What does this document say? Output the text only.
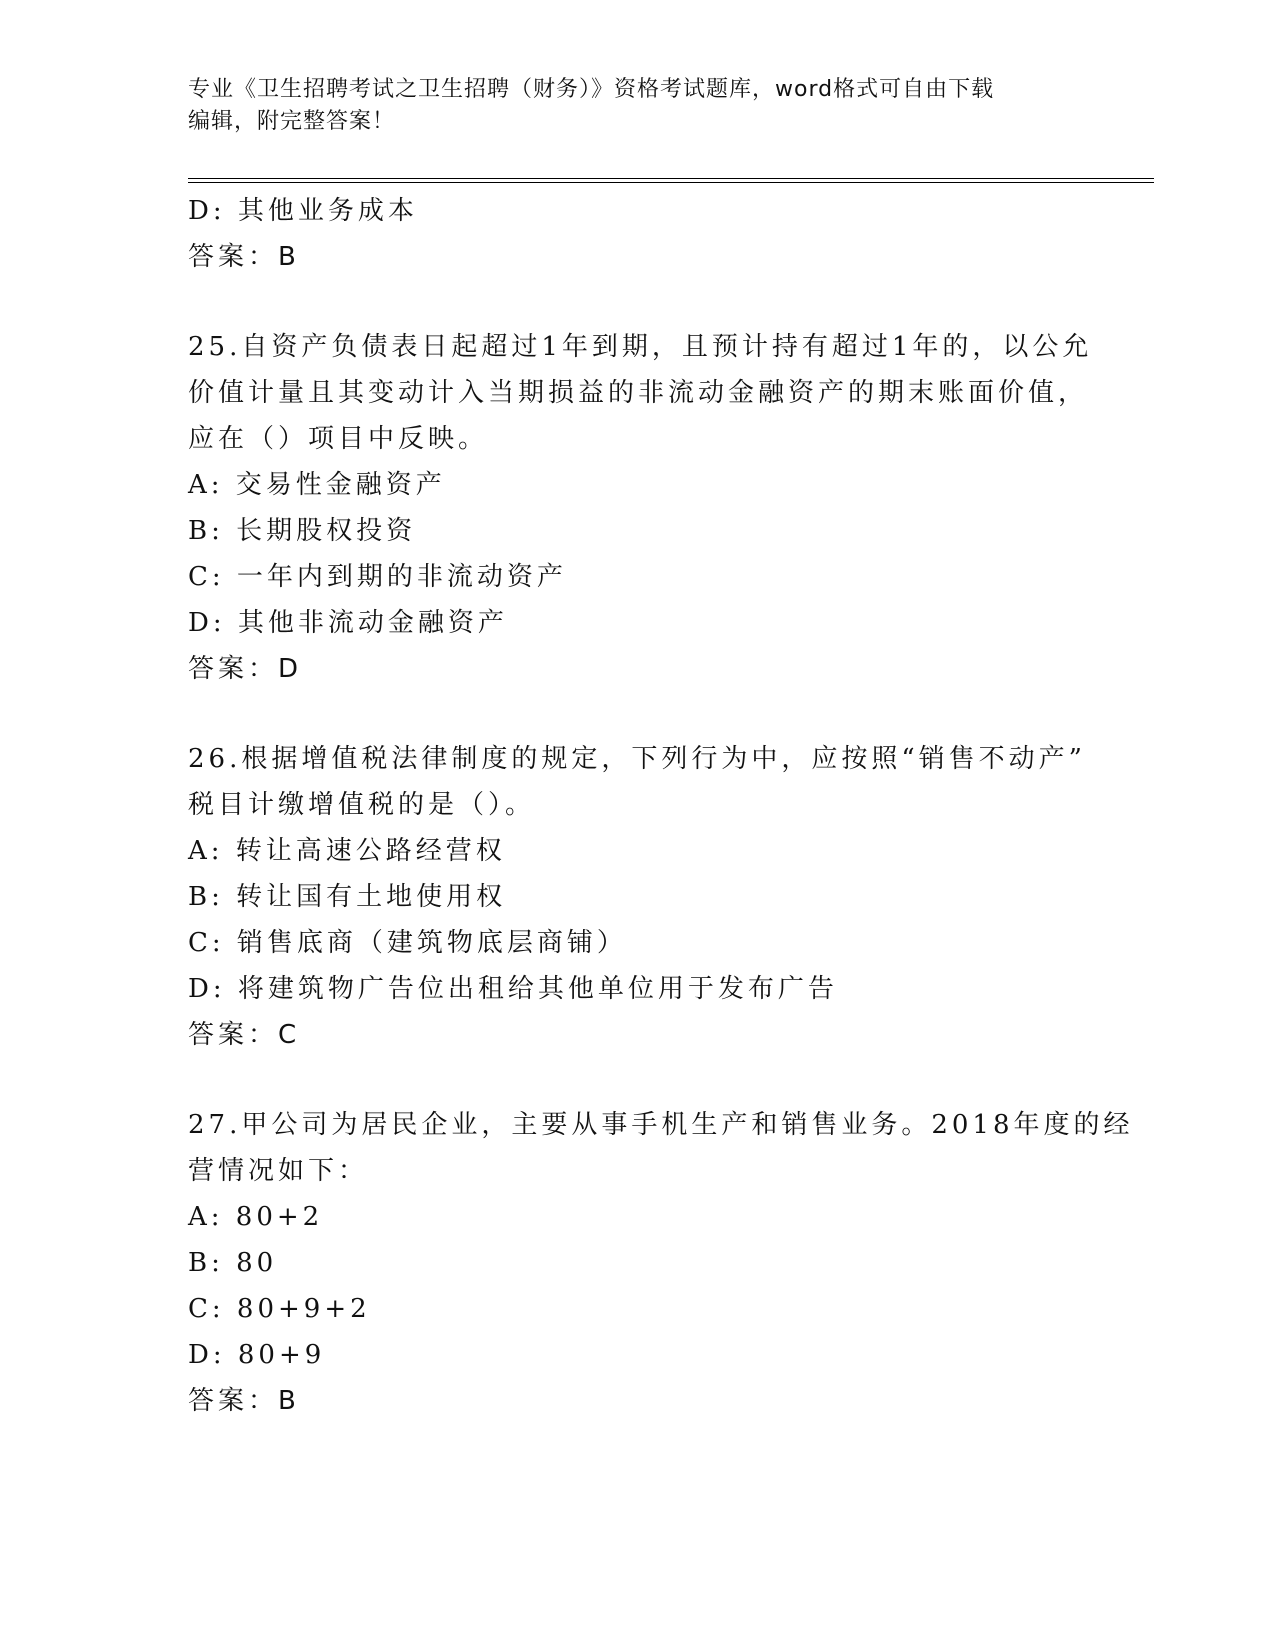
专业《卫生招聘考试之卫生招聘（财务）》资格考试题库，word格式可自由下载
编辑，附完整答案！
D: 其他业务成本
答案：B
25.自资产负债表日起超过1年到期，且预计持有超过1年的，以公允
价值计量且其变动计入当期损益的非流动金融资产的期末账面价值，
应在（）项目中反映。
A: 交易性金融资产
B: 长期股权投资
C: 一年内到期的非流动资产
D: 其他非流动金融资产
答案：D
26.根据增值税法律制度的规定，下列行为中，应按照“销售不动产”
税目计缴增值税的是（）。
A: 转让高速公路经营权
B: 转让国有土地使用权
C: 销售底商（建筑物底层商铺）
D: 将建筑物广告位出租给其他单位用于发布广告
答案：C
27.甲公司为居民企业，主要从事手机生产和销售业务。2018年度的经
营情况如下：
A: 80+2
B: 80
C: 80+9+2
D: 80+9
答案：B
